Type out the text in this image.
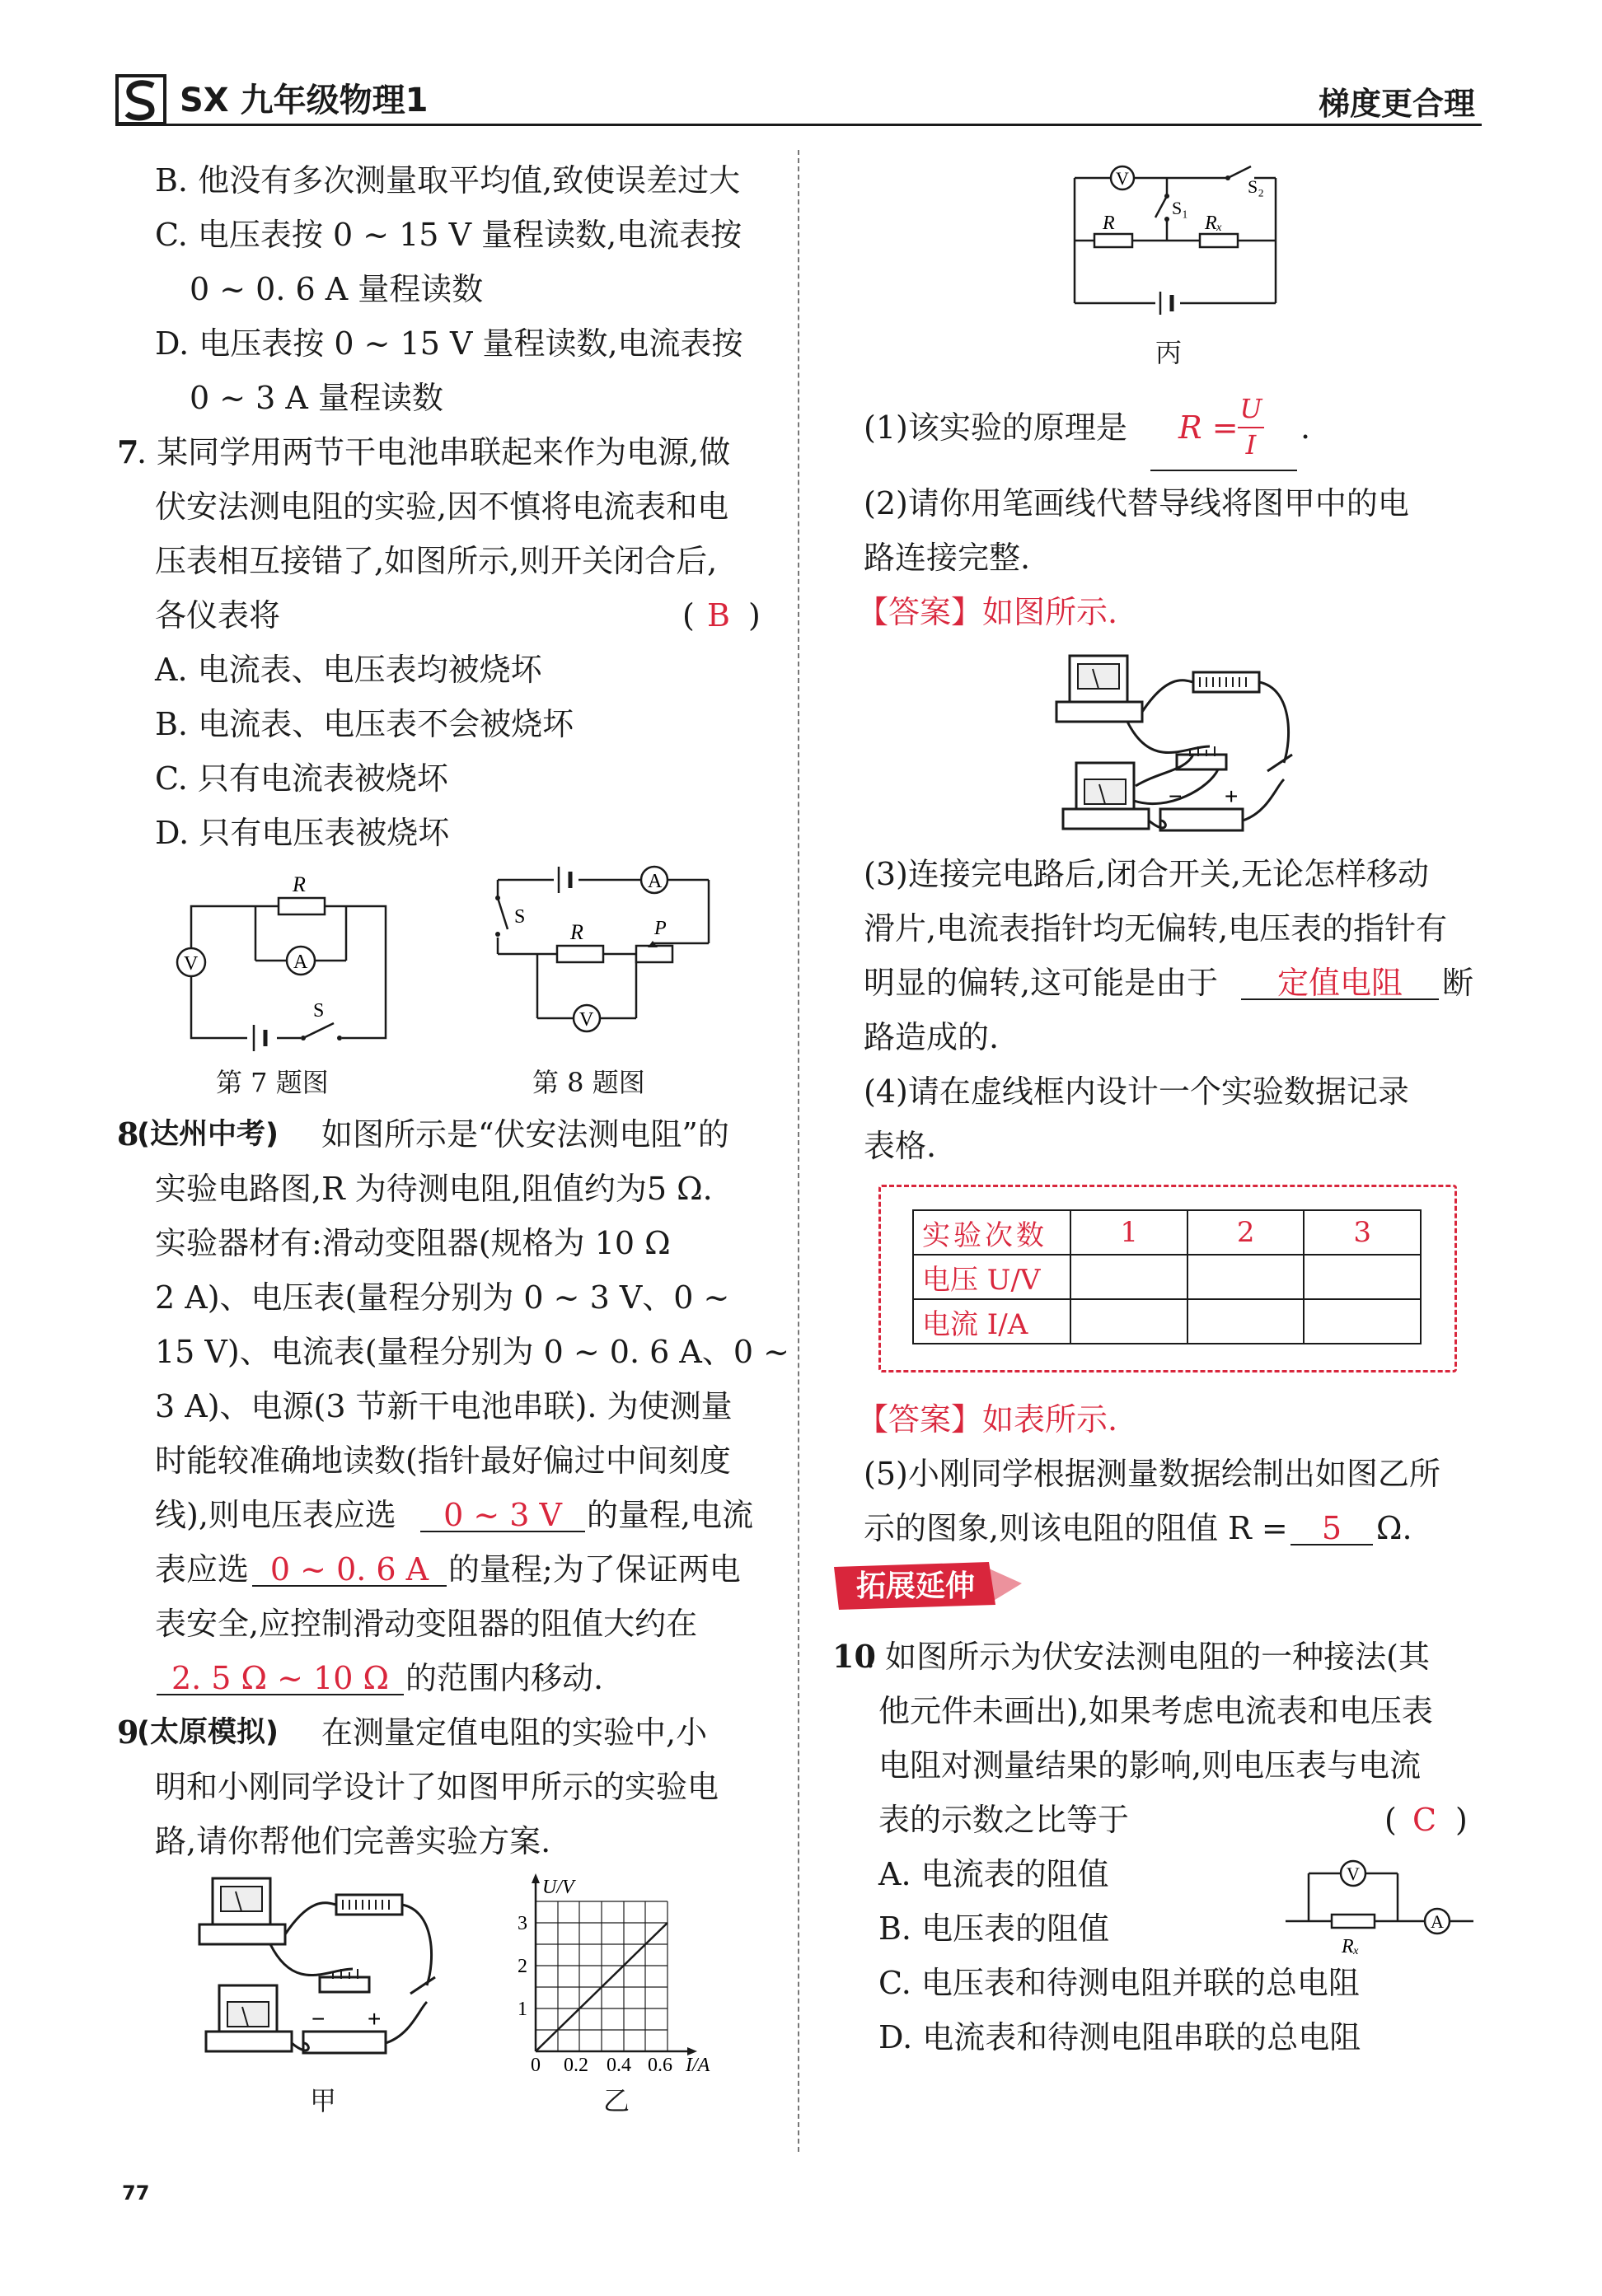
SX 九年级物理1	梯度更合理
B. 他没有多次测量取平均值,致使误差过大
C. 电压表按 0 ~ 15 V 量程读数,电流表按
0 ~ 0. 6 A 量程读数
D. 电压表按 0 ~ 15 V 量程读数,电流表按
0 ~ 3 A 量程读数
7
. 某同学用两节干电池串联起来作为电源,做
伏安法测电阻的实验,因不慎将电流表和电
压表相互接错了,如图所示,则开关闭合后,
各仪表将	( B )
A. 电流表、电压表均被烧坏
B. 电流表、电压表不会被烧坏
C. 只有电流表被烧坏
D. 只有电压表被烧坏
R
V	A
S
第 7 题图
S
R	P
A
V
第 8 题图
8
(达州中考) 如图所示是“伏安法测电阻”的
实验电路图,R 为待测电阻,阻值约为5 Ω.
实验器材有:滑动变阻器(规格为 10 Ω
2 A)、电压表(量程分别为 0 ~ 3 V、0 ~
15 V)、电流表(量程分别为 0 ~ 0. 6 A、0 ~
3 A)、电源(3 节新干电池串联). 为使测量
时能较准确地读数(指针最好偏过中间刻度
线),则电压表应选	0 ~ 3 V 的量程,电流
表应选 0 ~ 0. 6 A 的量程;为了保证两电
表安全,应控制滑动变阻器的阻值大约在
2. 5 Ω ~ 10 Ω 的范围内移动.
9
(太原模拟) 在测量定值电阻的实验中,小
明和小刚同学设计了如图甲所示的实验电
路,请你帮他们完善实验方案.
− +
甲
U/V
I/A
3
2
1
0 0.2 0.4 0.6
乙
V
S₁
S₂
R	Rₓ
丙
(1)该实验的原理是 R =
U
I .
(2)请你用笔画线代替导线将图甲中的电
路连接完整.
【答案】如图所示.
− +
(3)连接完电路后,闭合开关,无论怎样移动
滑片,电流表指针均无偏转,电压表的指针有
明显的偏转,这可能是由于	定值电阻	断
路造成的.
(4)请在虚线框内设计一个实验数据记录
表格.
实验次数	1	2	3
电压 U/V			
电流 I/A			
【答案】如表所示.
(5)小刚同学根据测量数据绘制出如图乙所
示的图象,则该电阻的阻值 R =	5	Ω.
拓展延伸
10
. 如图所示为伏安法测电阻的一种接法(其
他元件未画出),如果考虑电流表和电压表
电阻对测量结果的影响,则电压表与电流
表的示数之比等于	( C )
A. 电流表的阻值
B. 电压表的阻值
C. 电压表和待测电阻并联的总电阻
D. 电流表和待测电阻串联的总电阻
V
A
Rₓ
77
